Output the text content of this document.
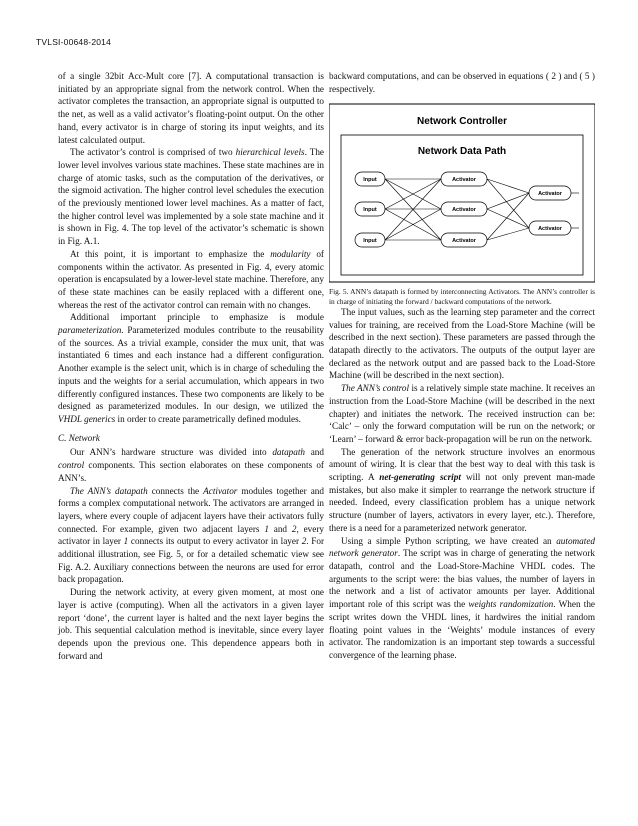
TVLSI-00648-2014

of a single 32bit Acc-Mult core [7]. A computational transaction is initiated by an appropriate signal from the network control. When the activator completes the transaction, an appropriate signal is outputted to the net, as well as a valid activator’s floating-point output. On the other hand, every activator is in charge of storing its input weights, and its latest calculated output.

The activator’s control is comprised of two hierarchical levels. The lower level involves various state machines. These state machines are in charge of atomic tasks, such as the computation of the derivatives, or the sigmoid activation. The higher control level schedules the execution of the previously mentioned lower level machines. As a matter of fact, the higher control level was implemented by a sole state machine and it is shown in Fig. 4. The top level of the activator’s schematic is shown in Fig. A.1.

At this point, it is important to emphasize the modularity of components within the activator. As presented in Fig. 4, every atomic operation is encapsulated by a lower-level state machine. Therefore, any of these state machines can be easily replaced with a different one, whereas the rest of the activator control can remain with no changes.

Additional important principle to emphasize is module parameterization. Parameterized modules contribute to the reusability of the sources. As a trivial example, consider the mux unit, that was instantiated 6 times and each instance had a different configuration. Another example is the select unit, which is in charge of scheduling the inputs and the weights for a serial accumulation, which appears in two differently configured instances. These two components are likely to be designed as parameterized modules. In our design, we utilized the VHDL generics in order to create parametrically defined modules.

C. Network

Our ANN’s hardware structure was divided into datapath and control components. This section elaborates on these components of ANN’s.

The ANN’s datapath connects the Activator modules together and forms a complex computational network. The activators are arranged in layers, where every couple of adjacent layers have their activators fully connected. For example, given two adjacent layers 1 and 2, every activator in layer 1 connects its output to every activator in layer 2. For additional illustration, see Fig. 5, or for a detailed schematic view see Fig. A.2. Auxiliary connections between the neurons are used for error back propagation.

During the network activity, at every given moment, at most one layer is active (computing). When all the activators in a given layer report ‘done’, the current layer is halted and the next layer begins the job. This sequential calculation method is inevitable, since every layer depends upon the previous one. This dependence appears both in forward and

backward computations, and can be observed in equations ( 2 ) and ( 5 ) respectively.

Network Controller
Network Data Path
Input
Input
Input
Activator
Activator
Activator
Activator
Activator

Fig. 5. ANN’s datapath is formed by interconnecting Activators. The ANN’s controller is in charge of initiating the forward / backward computations of the network.

The input values, such as the learning step parameter and the correct values for training, are received from the Load-Store Machine (will be described in the next section). These parameters are passed through the datapath directly to the activators. The outputs of the output layer are declared as the network output and are passed back to the Load-Store Machine (will be described in the next section).

The ANN’s control is a relatively simple state machine. It receives an instruction from the Load-Store Machine (will be described in the next chapter) and initiates the network. The received instruction can be: ‘Calc’ – only the forward computation will be run on the network; or ‘Learn’ – forward & error back-propagation will be run on the network.

The generation of the network structure involves an enormous amount of wiring. It is clear that the best way to deal with this task is scripting. A net-generating script will not only prevent man-made mistakes, but also make it simpler to rearrange the network structure if needed. Indeed, every classification problem has a unique network structure (number of layers, activators in every layer, etc.). Therefore, there is a need for a parameterized network generator.

Using a simple Python scripting, we have created an automated network generator. The script was in charge of generating the network datapath, control and the Load-Store-Machine VHDL codes. The arguments to the script were: the bias values, the number of layers in the network and a list of activator amounts per layer. Additional important role of this script was the weights randomization. When the script writes down the VHDL lines, it hardwires the initial random floating point values in the ‘Weights’ module instances of every activator. The randomization is an important step towards a successful convergence of the learning phase.
